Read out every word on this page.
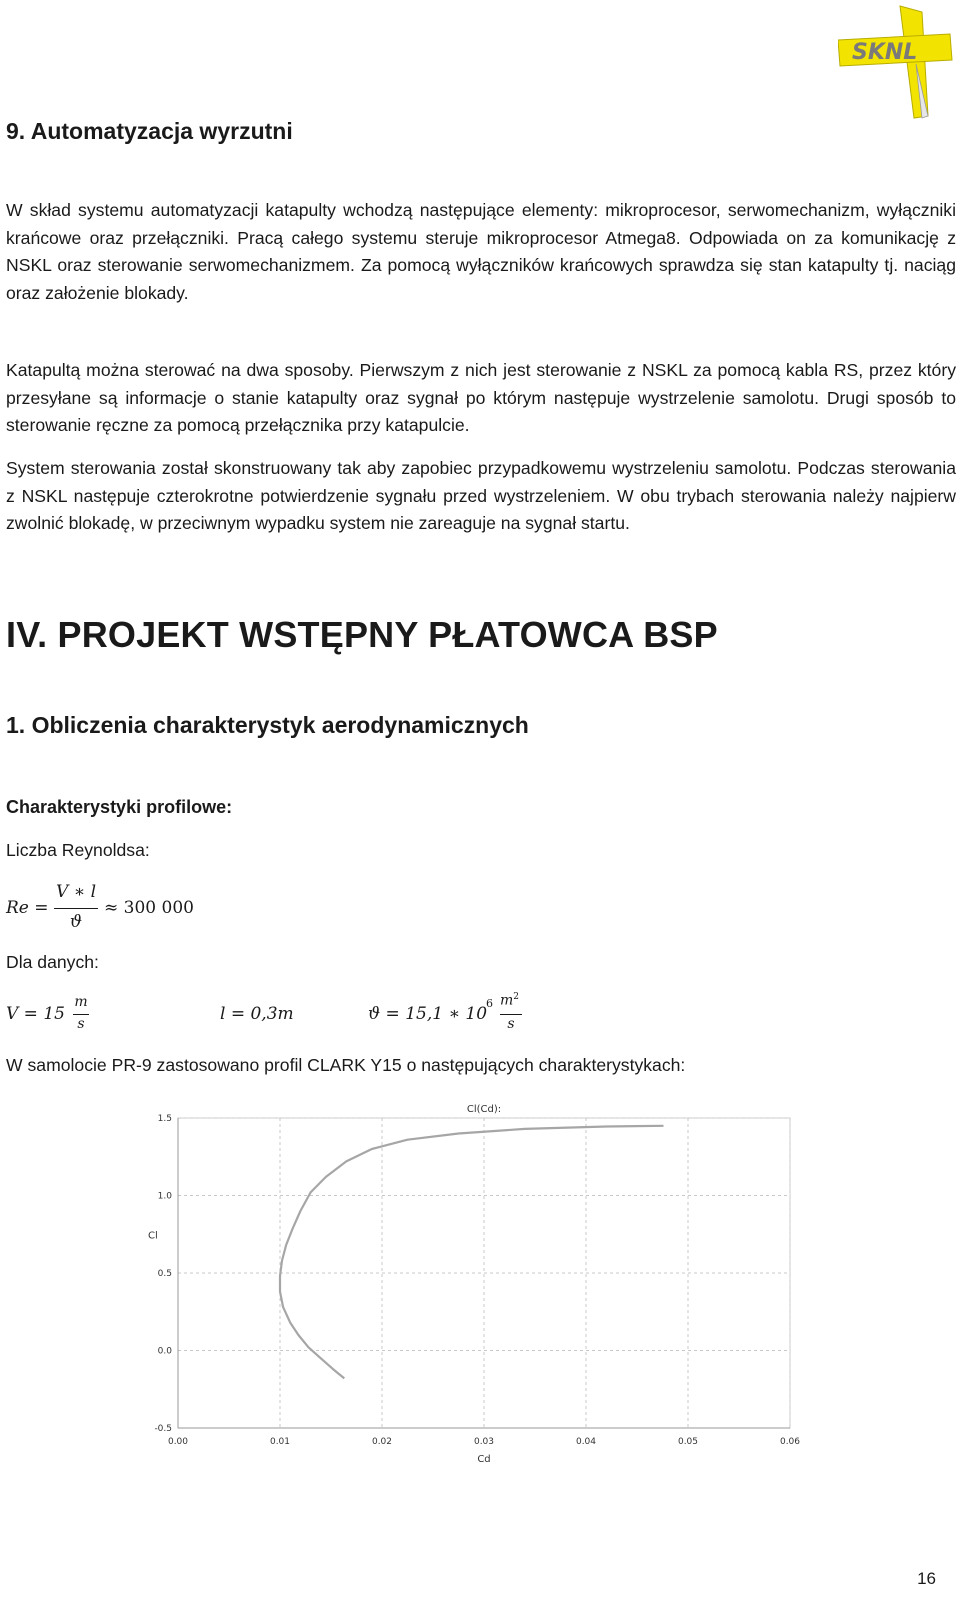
SKNL
9. Automatyzacja wyrzutni

W skład systemu automatyzacji katapulty wchodzą następujące elementy: mikroprocesor, serwomechanizm, wyłączniki krańcowe oraz przełączniki. Pracą całego systemu steruje mikroprocesor Atmega8. Odpowiada on za komunikację z NSKL oraz sterowanie serwomechanizmem. Za pomocą wyłączników krańcowych sprawdza się stan katapulty tj. naciąg oraz założenie blokady.

Katapultą można sterować na dwa sposoby. Pierwszym z nich jest sterowanie z NSKL za pomocą kabla RS, przez który przesyłane są informacje o stanie katapulty oraz sygnał po którym następuje wystrzelenie samolotu. Drugi sposób to sterowanie ręczne za pomocą przełącznika przy katapulcie.

System sterowania został skonstruowany tak aby zapobiec przypadkowemu wystrzeleniu samolotu. Podczas sterowania z NSKL następuje czterokrotne potwierdzenie sygnału przed wystrzeleniem. W obu trybach sterowania należy najpierw zwolnić blokadę, w przeciwnym wypadku system nie zareaguje na sygnał startu.

IV. PROJEKT WSTĘPNY PŁATOWCA BSP
1. Obliczenia charakterystyk aerodynamicznych
Charakterystyki profilowe:

Liczba Reynoldsa:

Re =
V ∗ l
ϑ
≈ 300 000

Dla danych:

V = 15
m
s	l = 0,3m	ϑ = 15,1 ∗ 10
6 $m^2$
s

W samolocie PR-9 zastosowano profil CLARK Y15 o następujących charakterystykach:

0.00	0.01	0.02	0.03	0.04	0.05	0.06
-0.5
0.0
0.5
1.0
1.5
Cl(Cd):
Cd
Cl
16
